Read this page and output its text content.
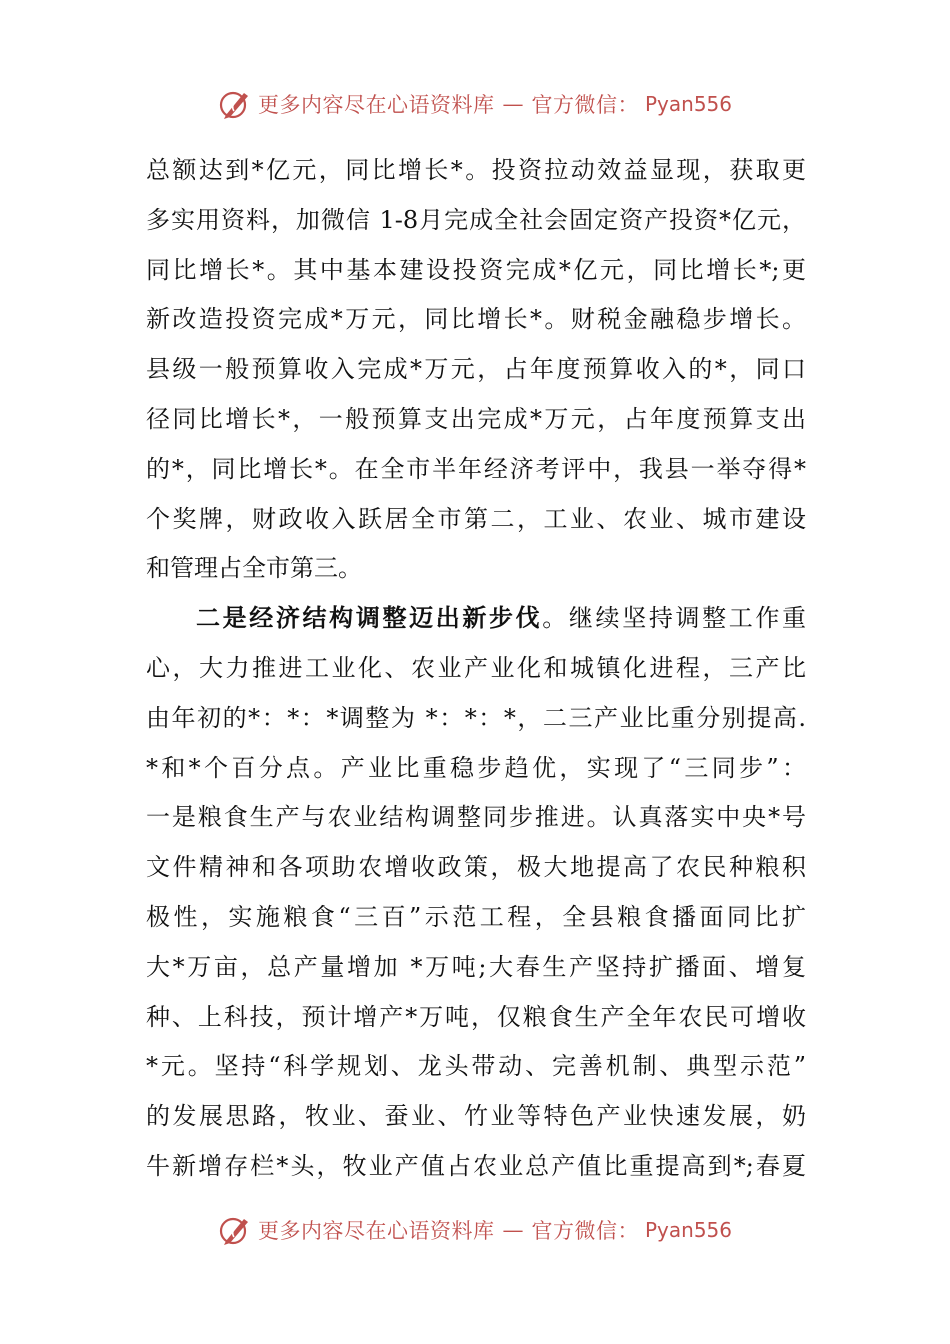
更多内容尽在心语资料库 — 官方微信： Pyan556
总额达到*亿元，同比增长*。投资拉动效益显现，获取更
多实用资料，加微信 1-8月完成全社会固定资产投资*亿元，
同比增长*。其中基本建设投资完成*亿元，同比增长*;更
新改造投资完成*万元，同比增长*。财税金融稳步增长。
县级一般预算收入完成*万元，占年度预算收入的*，同口
径同比增长*，一般预算支出完成*万元，占年度预算支出
的*，同比增长*。在全市半年经济考评中，我县一举夺得*
个奖牌，财政收入跃居全市第二，工业、农业、城市建设
和管理占全市第三。
二是经济结构调整迈出新步伐。继续坚持调整工作重
心，大力推进工业化、农业产业化和城镇化进程，三产比
由年初的*：*：*调整为 *：*：*，二三产业比重分别提高.
*和*个百分点。产业比重稳步趋优，实现了“三同步”：
一是粮食生产与农业结构调整同步推进。认真落实中央*号
文件精神和各项助农增收政策，极大地提高了农民种粮积
极性，实施粮食“三百”示范工程，全县粮食播面同比扩
大*万亩，总产量增加 *万吨;大春生产坚持扩播面、增复
种、上科技，预计增产*万吨，仅粮食生产全年农民可增收
*元。坚持“科学规划、龙头带动、完善机制、典型示范”
的发展思路，牧业、蚕业、竹业等特色产业快速发展，奶
牛新增存栏*头，牧业产值占农业总产值比重提高到*;春夏
更多内容尽在心语资料库 — 官方微信： Pyan556
